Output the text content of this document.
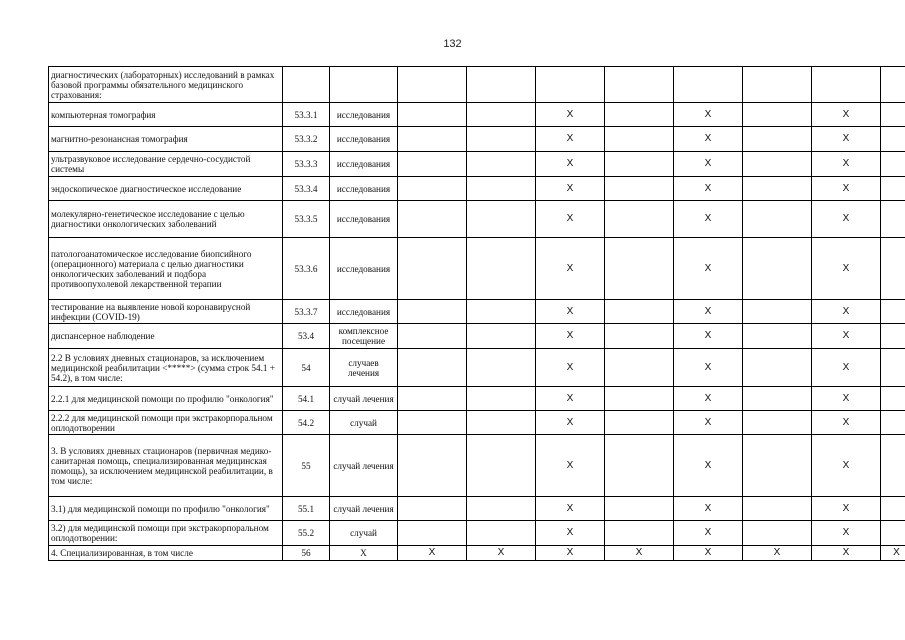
132
диагностических (лабораторных) исследований в рамках базовой программы обязательного медицинского страхования:										
компьютерная томография	53.3.1	исследования			Х		Х		Х	
магнитно-резонансная томография	53.3.2	исследования			Х		Х		Х	
ультразвуковое исследование сердечно-сосудистой системы	53.3.3	исследования			Х		Х		Х	
эндоскопическое диагностическое исследование	53.3.4	исследования			Х		Х		Х	
молекулярно-генетическое исследование с целью диагностики онкологических заболеваний	53.3.5	исследования			Х		Х		Х	
патологоанатомическое исследование биопсийного (операционного) материала с целью диагностики онкологических заболеваний и подбора противоопухолевой лекарственной терапии	53.3.6	исследования			Х		Х		Х	
тестирование на выявление новой коронавирусной инфекции (COVID-19)	53.3.7	исследования			Х		Х		Х	
диспансерное наблюдение	53.4	комплексное посещение			Х		Х		Х	
2.2 В условиях дневных стационаров, за исключением медицинской реабилитации <*****> (сумма строк 54.1 + 54.2), в том числе:	54	случаев лечения			Х		Х		Х	
2.2.1 для медицинской помощи по профилю "онкология"	54.1	случай лечения			Х		Х		Х	
2.2.2 для медицинской помощи при экстракорпоральном оплодотворении	54.2	случай			Х		Х		Х	
3. В условиях дневных стационаров (первичная медико-санитарная помощь, специализированная медицинская помощь), за исключением медицинской реабилитации, в том числе:	55	случай лечения			Х		Х		Х	
3.1) для медицинской помощи по профилю "онкология"	55.1	случай лечения			Х		Х		Х	
3.2) для медицинской помощи при экстракорпоральном оплодотворении:	55.2	случай			Х		Х		Х	
4. Специализированная, в том числе	56	Х	Х	Х	Х	Х	Х	Х	Х	Х
